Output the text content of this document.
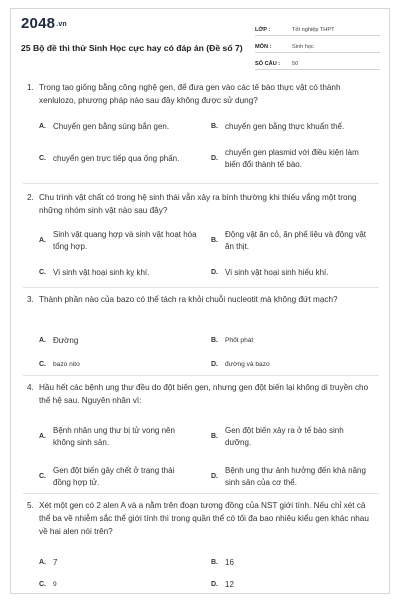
2048.vn
25 Bộ đề thi thử Sinh Học cực hay có đáp án (Đề số 7)
LỚP :	Tốt nghiệp THPT
MÔN :	Sinh học
SỐ CÂU :	50
1. Trong tạo giống bằng công nghệ gen, để đưa gen vào các tế bào thực vật có thành xenlulozo, phương pháp nào sau đây không được sử dụng?
A. Chuyển gen bằng súng bắn gen.	B. chuyển gen bằng thực khuẩn thể.
C. chuyển gen trực tiếp qua ống phấn.	D.
chuyển gen plasmid với điều kiện làm biến đổi thành tế bào.
2. Chu trình vật chất có trong hệ sinh thái vẫn xảy ra bình thường khi thiếu vắng một trong những nhóm sinh vật nào sau đây?
A.
Sinh vật quang hợp và sinh vật hoạt hóa tổng hợp.
B.
Động vật ăn cỏ, ăn phế liệu và động vật ăn thịt.
C. Vi sinh vật hoại sinh kỵ khí.	D. Vi sinh vật hoại sinh hiếu khí.
3. Thành phần nào của bazo có thể tách ra khỏi chuỗi nucleotit mà không đứt mạch?
A. Đường	B.	Phốt phát
C.	bazo nito	D.	đường và bazo
4. Hầu hết các bệnh ung thư đều do đột biến gen, nhưng gen đột biến lại không di truyền cho thế hệ sau. Nguyên nhân vì:
A.
Bệnh nhân ung thư bị tử vong nên không sinh sản.
B.
Gen đột biến xảy ra ở tế bào sinh dưỡng.
C.
Gen đột biến gây chết ở trạng thái đồng hợp tử.
D.
Bệnh ung thư ảnh hưởng đến khả năng sinh sản của cơ thể.
5. Xét một gen có 2 alen A và a nằm trên đoạn tương đồng của NST giới tính. Nếu chỉ xét cả thể ba về nhiễm sắc thể giới tính thì trong quần thể có tối đa bao nhiêu kiểu gen khác nhau về hai alen nói trên?
A. 7	B. 16
C.	9	D. 12
